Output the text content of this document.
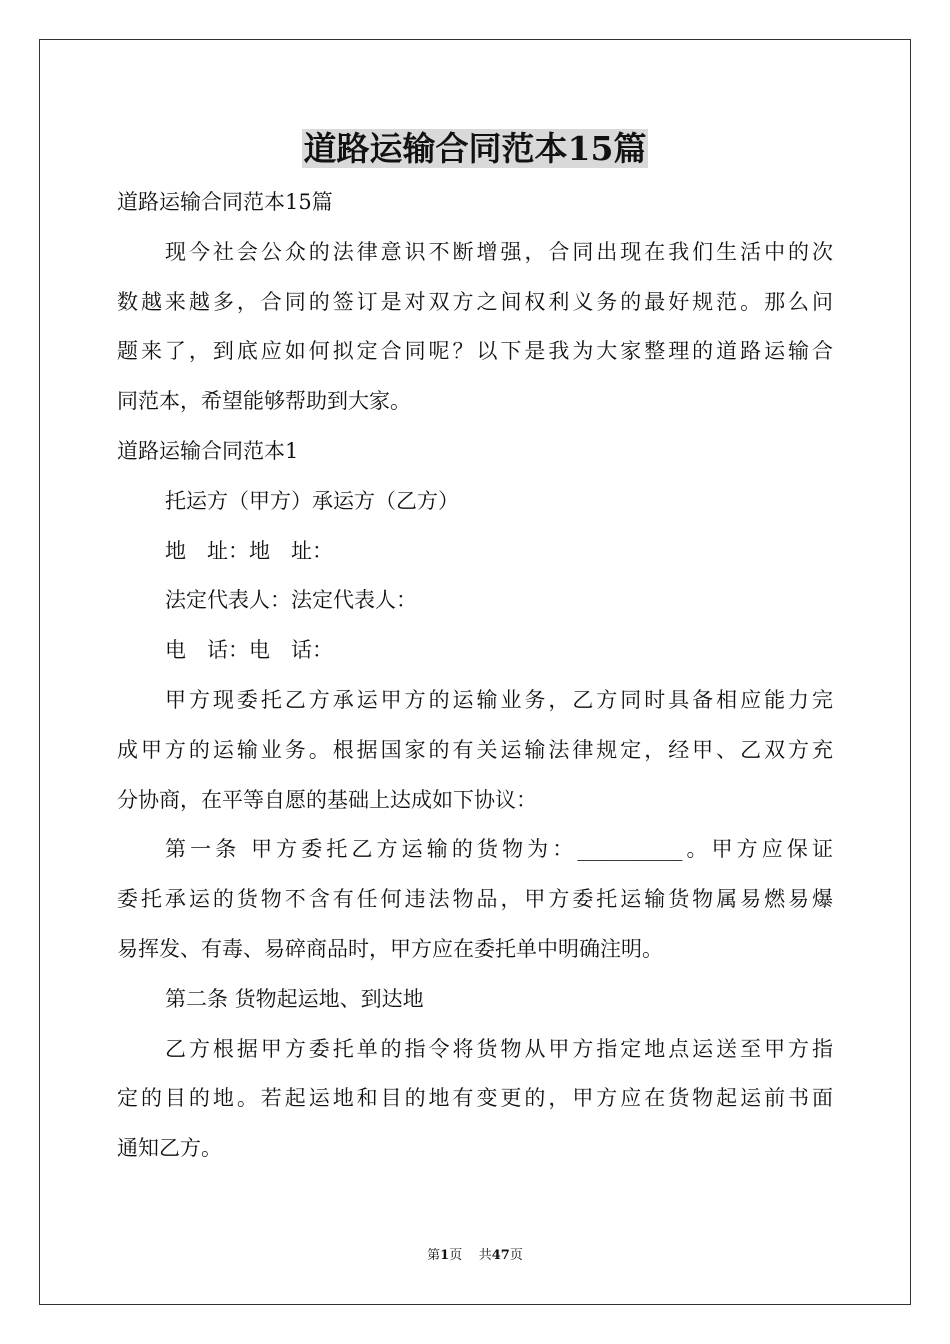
道路运输合同范本15篇
道路运输合同范本15篇
现今社会公众的法律意识不断增强，合同出现在我们生活中的次
数越来越多，合同的签订是对双方之间权利义务的最好规范。那么问
题来了，到底应如何拟定合同呢？以下是我为大家整理的道路运输合
同范本，希望能够帮助到大家。
道路运输合同范本1
托运方（甲方）承运方（乙方）
地　址：地　址：
法定代表人：法定代表人：
电　话：电　话：
甲方现委托乙方承运甲方的运输业务，乙方同时具备相应能力完
成甲方的运输业务。根据国家的有关运输法律规定，经甲、乙双方充
分协商，在平等自愿的基础上达成如下协议：
第一条 甲方委托乙方运输的货物为：__________。甲方应保证
委托承运的货物不含有任何违法物品，甲方委托运输货物属易燃易爆
易挥发、有毒、易碎商品时，甲方应在委托单中明确注明。
第二条 货物起运地、到达地
乙方根据甲方委托单的指令将货物从甲方指定地点运送至甲方指
定的目的地。若起运地和目的地有变更的，甲方应在货物起运前书面
通知乙方。
第1页 共47页
